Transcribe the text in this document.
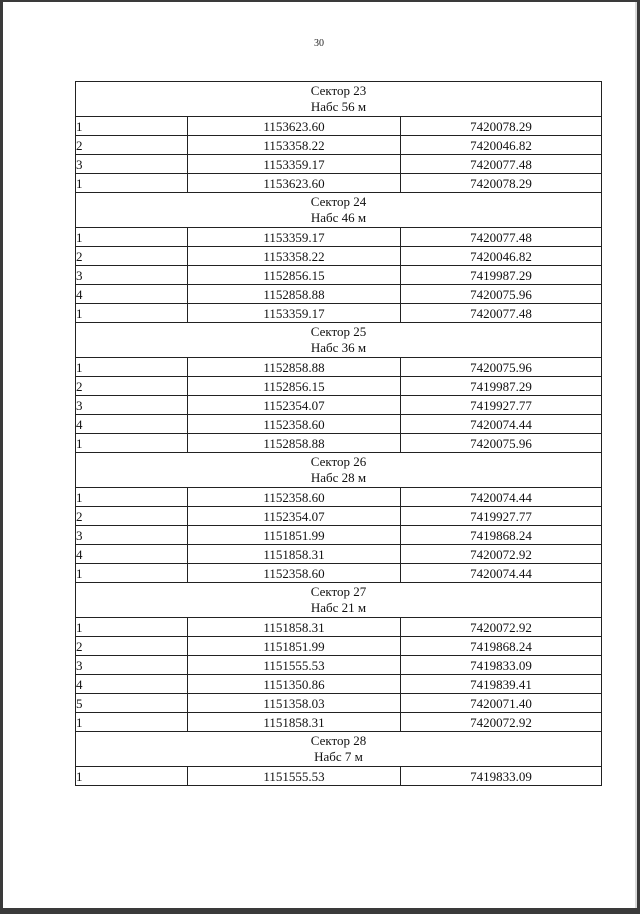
30
Сектор 23
Набс 56 м		

1	1153623.60	7420078.29
2	1153358.22	7420046.82
3	1153359.17	7420077.48
1	1153623.60	7420078.29

Сектор 24
Набс 46 м		

1	1153359.17	7420077.48
2	1153358.22	7420046.82
3	1152856.15	7419987.29
4	1152858.88	7420075.96
1	1153359.17	7420077.48

Сектор 25
Набс 36 м		

1	1152858.88	7420075.96
2	1152856.15	7419987.29
3	1152354.07	7419927.77
4	1152358.60	7420074.44
1	1152858.88	7420075.96

Сектор 26
Набс 28 м		

1	1152358.60	7420074.44
2	1152354.07	7419927.77
3	1151851.99	7419868.24
4	1151858.31	7420072.92
1	1152358.60	7420074.44

Сектор 27
Набс 21 м		

1	1151858.31	7420072.92
2	1151851.99	7419868.24
3	1151555.53	7419833.09
4	1151350.86	7419839.41
5	1151358.03	7420071.40
1	1151858.31	7420072.92

Сектор 28
Набс 7 м		

1	1151555.53	7419833.09
